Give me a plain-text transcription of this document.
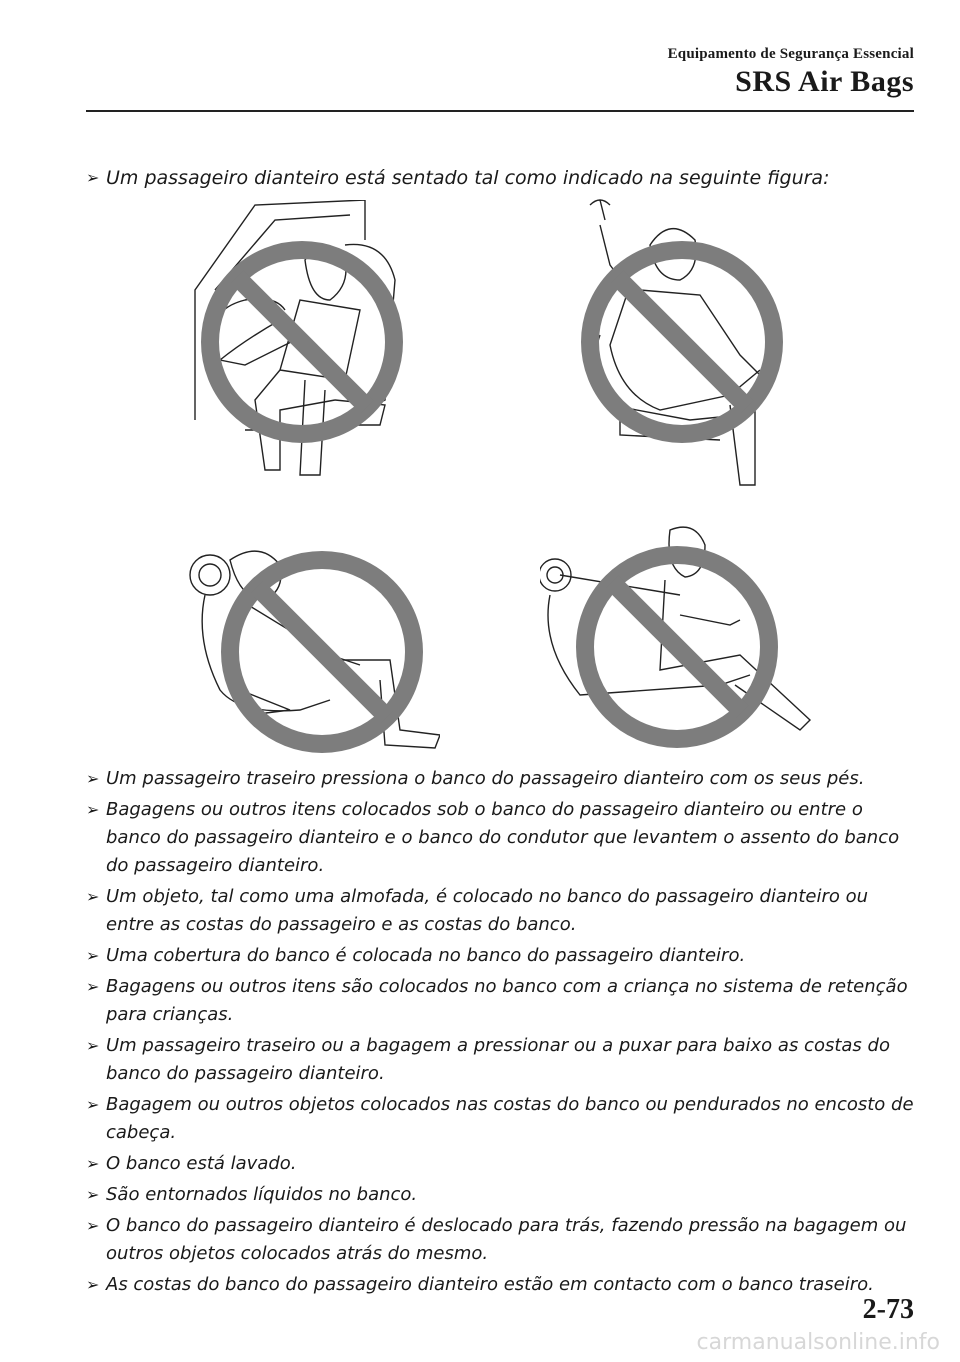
Equipamento de Segurança Essencial
SRS Air Bags
➢ Um passageiro dianteiro está sentado tal como indicado na seguinte figura:
➢ Um passageiro traseiro pressiona o banco do passageiro dianteiro com os seus pés.
➢ Bagagens ou outros itens colocados sob o banco do passageiro dianteiro ou entre o banco do passageiro dianteiro e o banco do condutor que levantem o assento do banco do passageiro dianteiro.
➢ Um objeto, tal como uma almofada, é colocado no banco do passageiro dianteiro ou entre as costas do passageiro e as costas do banco.
➢ Uma cobertura do banco é colocada no banco do passageiro dianteiro.
➢ Bagagens ou outros itens são colocados no banco com a criança no sistema de retenção para crianças.
➢ Um passageiro traseiro ou a bagagem a pressionar ou a puxar para baixo as costas do banco do passageiro dianteiro.
➢ Bagagem ou outros objetos colocados nas costas do banco ou pendurados no encosto de cabeça.
➢ O banco está lavado.
➢ São entornados líquidos no banco.
➢ O banco do passageiro dianteiro é deslocado para trás, fazendo pressão na bagagem ou outros objetos colocados atrás do mesmo.
➢ As costas do banco do passageiro dianteiro estão em contacto com o banco traseiro.
2-73
carmanualsonline.info
